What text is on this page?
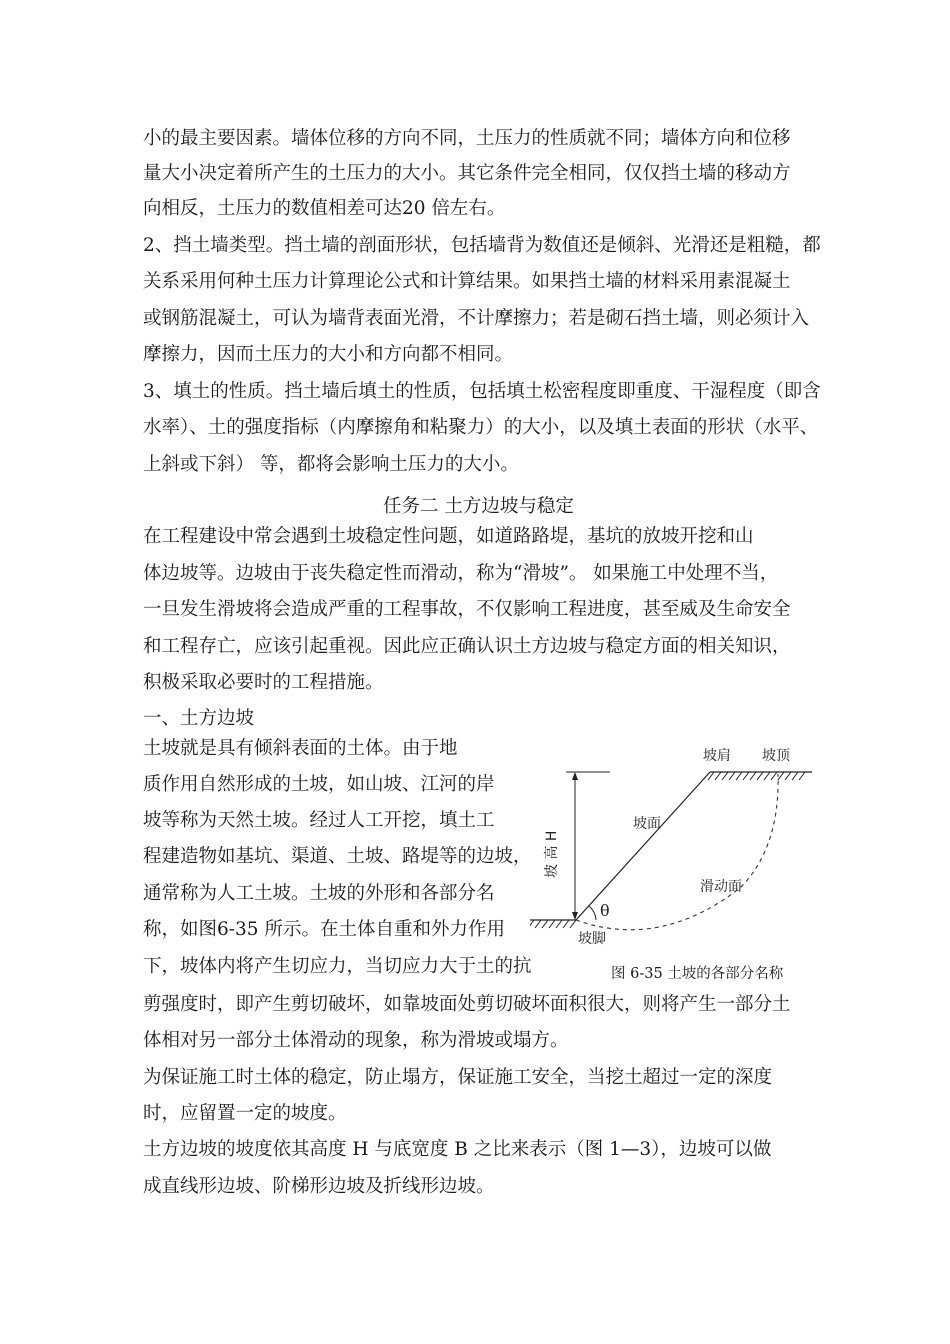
小的最主要因素。墙体位移的方向不同，土压力的性质就不同；墙体方向和位移
量大小决定着所产生的土压力的大小。其它条件完全相同，仅仅挡土墙的移动方
向相反，土压力的数值相差可达20 倍左右。
2、挡土墙类型。挡土墙的剖面形状，包括墙背为数值还是倾斜、光滑还是粗糙，都
关系采用何种土压力计算理论公式和计算结果。如果挡土墙的材料采用素混凝土
或钢筋混凝土，可认为墙背表面光滑，不计摩擦力；若是砌石挡土墙，则必须计入
摩擦力，因而土压力的大小和方向都不相同。
3、填土的性质。挡土墙后填土的性质，包括填土松密程度即重度、干湿程度（即含
水率）、土的强度指标（内摩擦角和粘聚力）的大小，以及填土表面的形状（水平、
上斜或下斜） 等，都将会影响土压力的大小。
任务二 土方边坡与稳定
在工程建设中常会遇到土坡稳定性问题，如道路路堤，基坑的放坡开挖和山
体边坡等。边坡由于丧失稳定性而滑动，称为“滑坡”。 如果施工中处理不当，
一旦发生滑坡将会造成严重的工程事故，不仅影响工程进度，甚至威及生命安全
和工程存亡，应该引起重视。因此应正确认识土方边坡与稳定方面的相关知识，
积极采取必要时的工程措施。
一、土方边坡
土坡就是具有倾斜表面的土体。由于地
质作用自然形成的土坡，如山坡、江河的岸
坡等称为天然土坡。经过人工开挖，填土工
程建造物如基坑、渠道、土坡、路堤等的边坡，
通常称为人工土坡。土坡的外形和各部分名
称，如图6-35 所示。在土体自重和外力作用
下，坡体内将产生切应力，当切应力大于土的抗
坡肩 坡顶
坡面
滑动面
θ
坡脚
坡 高 H
图 6-35 土坡的各部分名称
剪强度时，即产生剪切破坏，如靠坡面处剪切破坏面积很大，则将产生一部分土
体相对另一部分土体滑动的现象，称为滑坡或塌方。
为保证施工时土体的稳定，防止塌方，保证施工安全，当挖土超过一定的深度
时，应留置一定的坡度。
土方边坡的坡度依其高度 H 与底宽度 B 之比来表示（图 1—3），边坡可以做
成直线形边坡、阶梯形边坡及折线形边坡。
